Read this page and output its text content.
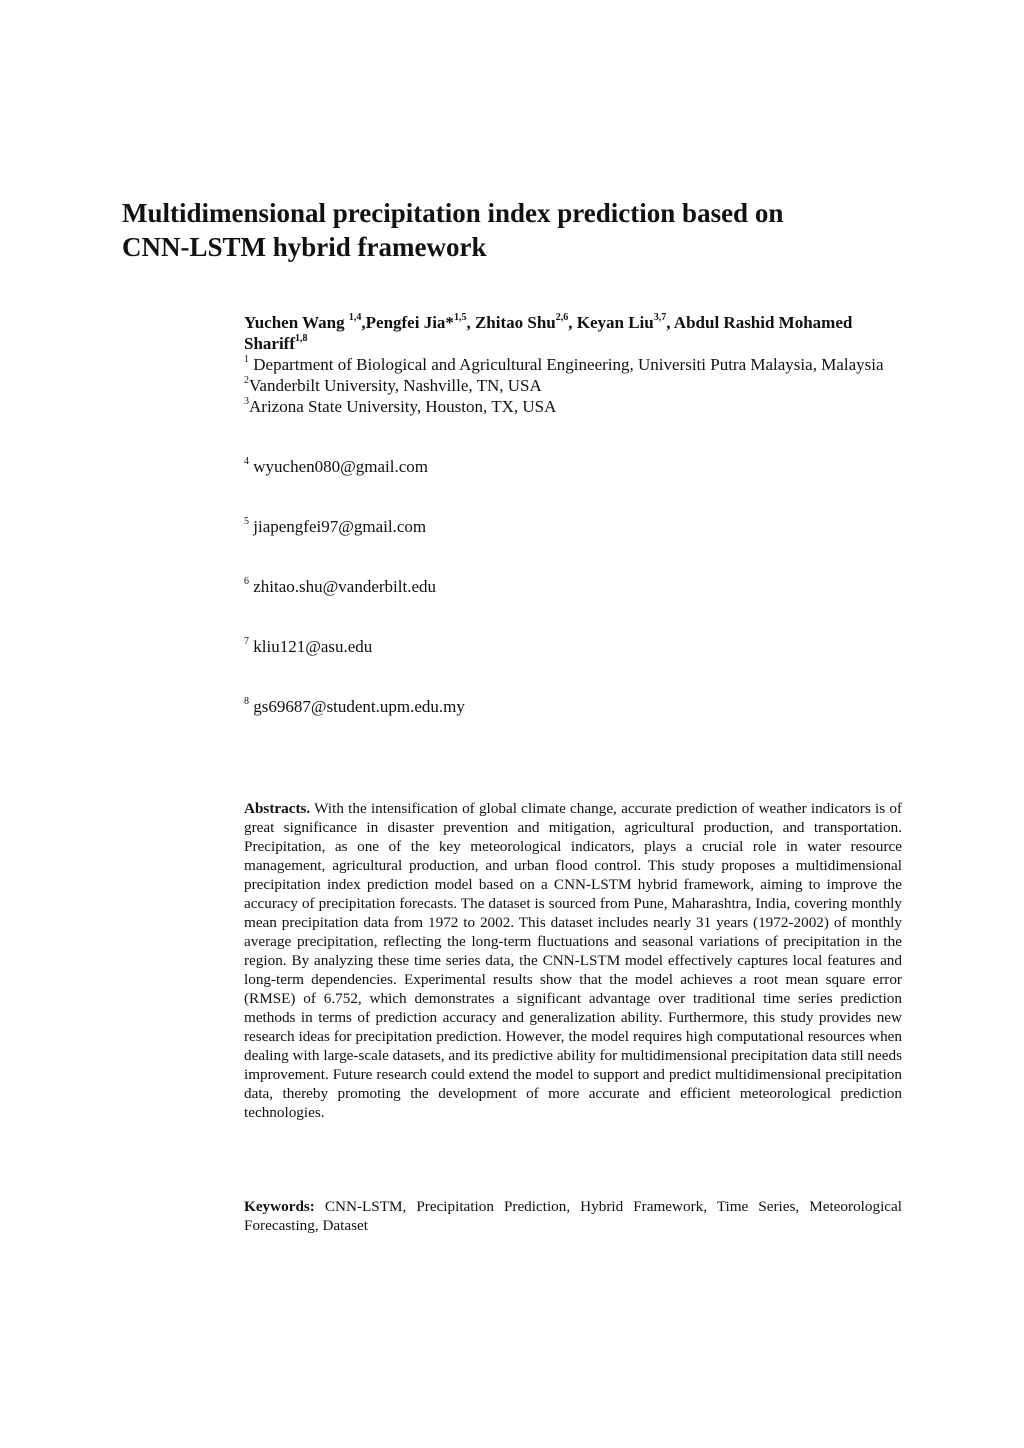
Multidimensional precipitation index prediction based on
CNN-LSTM hybrid framework

Yuchen Wang $^{1,4}$,Pengfei Jia*$^{1,5}$, Zhitao Shu$^{2,6}$, Keyan Liu$^{3,7}$, Abdul Rashid Mohamed Shariff$^{1,8}$

$^1$ Department of Biological and Agricultural Engineering, Universiti Putra Malaysia, Malaysia

$^2$Vanderbilt University, Nashville, TN, USA

$^3$Arizona State University, Houston, TX, USA

$^4$ wyuchen080@gmail.com

$^5$ jiapengfei97@gmail.com

$^6$ zhitao.shu@vanderbilt.edu

$^7$ kliu121@asu.edu

$^8$ gs69687@student.upm.edu.my

Abstracts. With the intensification of global climate change, accurate prediction of weather indicators is of great significance in disaster prevention and mitigation, agricultural production, and transportation. Precipitation, as one of the key meteorological indicators, plays a crucial role in water resource management, agricultural production, and urban flood control. This study proposes a multidimensional precipitation index prediction model based on a CNN-LSTM hybrid framework, aiming to improve the accuracy of precipitation forecasts. The dataset is sourced from Pune, Maharashtra, India, covering monthly mean precipitation data from 1972 to 2002. This dataset includes nearly 31 years (1972-2002) of monthly average precipitation, reflecting the long-term fluctuations and seasonal variations of precipitation in the region. By analyzing these time series data, the CNN-LSTM model effectively captures local features and long-term dependencies. Experimental results show that the model achieves a root mean square error (RMSE) of 6.752, which demonstrates a significant advantage over traditional time series prediction methods in terms of prediction accuracy and generalization ability. Furthermore, this study provides new research ideas for precipitation prediction. However, the model requires high computational resources when dealing with large-scale datasets, and its predictive ability for multidimensional precipitation data still needs improvement. Future research could extend the model to support and predict multidimensional precipitation data, thereby promoting the development of more accurate and efficient meteorological prediction technologies.

Keywords: CNN-LSTM, Precipitation Prediction, Hybrid Framework, Time Series, Meteorological Forecasting, Dataset
